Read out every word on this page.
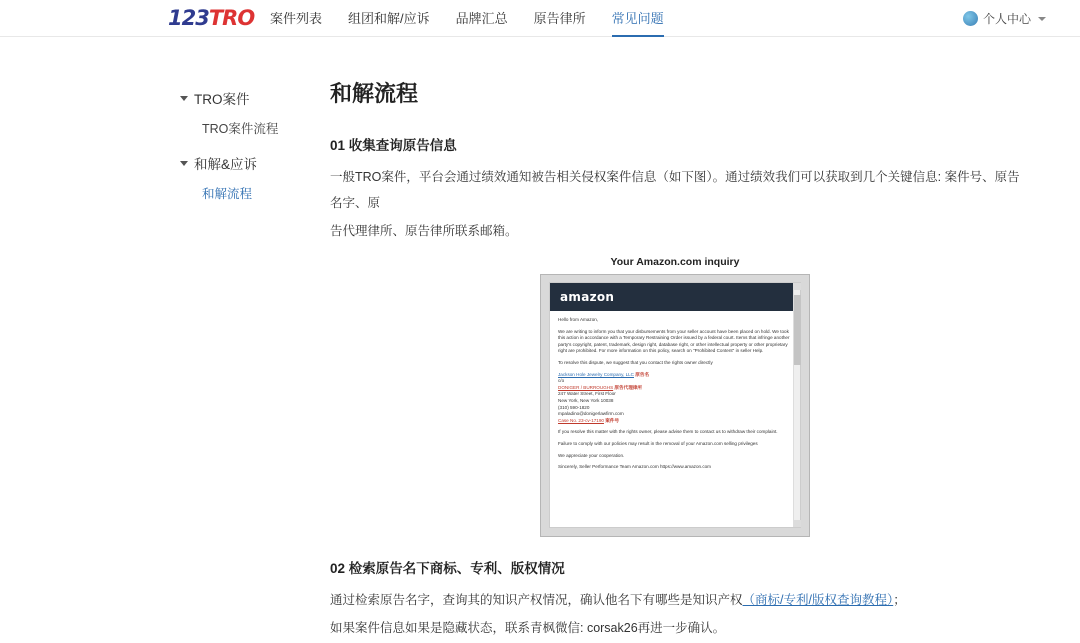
123TRO 案件列表 组团和解/应诉 品牌汇总 原告律所 常见问题	个人中心
TRO案件
TRO案件流程
和解&应诉
和解流程
和解流程
01 收集查询原告信息

一般TRO案件，平台会通过绩效通知被告相关侵权案件信息（如下图）。通过绩效我们可以获取到几个关键信息: 案件号、原告名字、原

告代理律所、原告律所联系邮箱。

Your Amazon.com inquiry
amazon

Hello from Amazon,

We are writing to inform you that your disbursements from your seller account have been placed on hold. We took this action in accordance with a Temporary Restraining Order issued by a federal court. Items that infringe another party's copyright, patent, trademark, design right, database right, or other intellectual property or other proprietary right are prohibited. For more information on this policy, search on "Prohibited Content" in seller Help.

To resolve this dispute, we suggest that you contact the rights owner directly

Jackson Hole Jewelry Company, LLC 原告名
c/o
DONIGER / BURROUGHS 原告代理律所
247 Water Street, First Floor
New York, New York 10038
(310) 590-1820
mpaladino@donigerlawfirm.com
Case No. 23-cv-17190 案件号

If you resolve this matter with the rights owner, please advise them to contact us to withdraw their complaint.

Failure to comply with our policies may result in the removal of your Amazon.com selling privileges

We appreciate your cooperation.

Sincerely, Seller Performance Team Amazon.com https://www.amazon.com

02 检索原告名下商标、专利、版权情况

通过检索原告名字，查询其的知识产权情况，确认他名下有哪些是知识产权（商标/专利/版权查询教程）；

如果案件信息如果是隐藏状态，联系青枫微信: corsak26再进一步确认。
